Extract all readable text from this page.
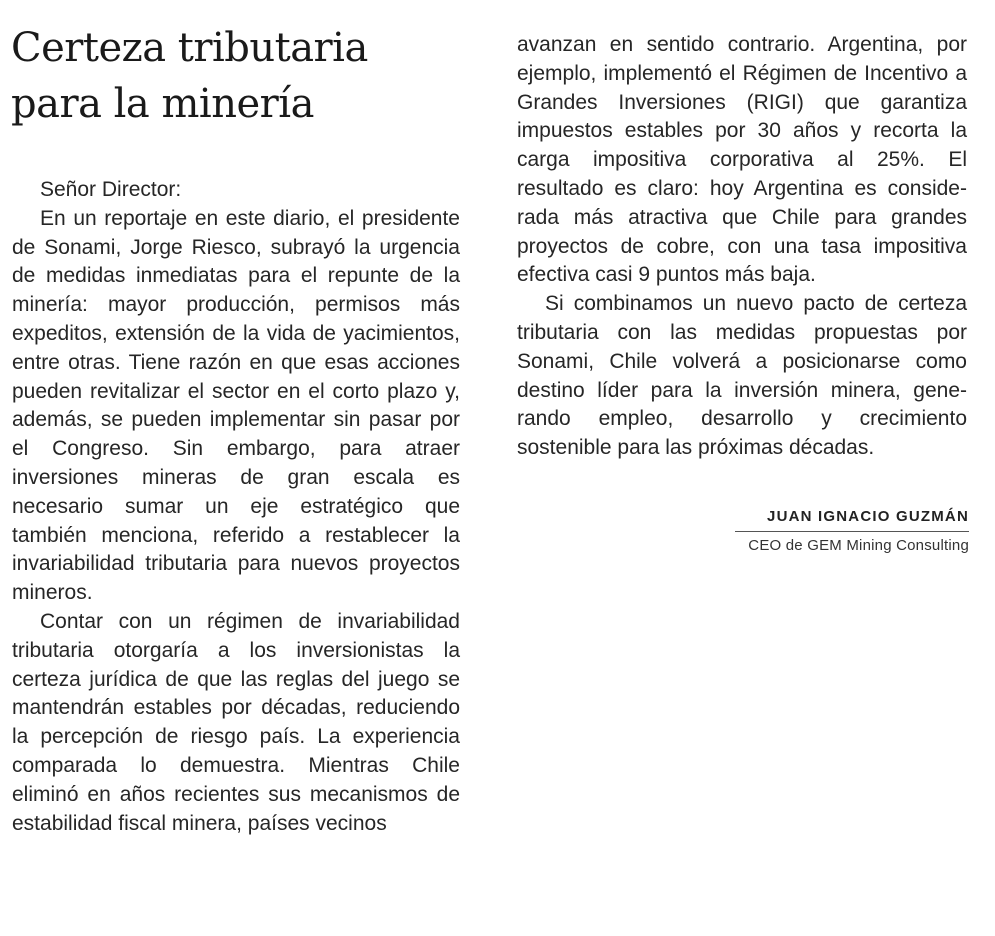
Certeza tributaria
para la minería

Señor Director:

En un reportaje en este diario, el presidente de Sonami, Jorge Riesco, subrayó la urgencia de medidas inmediatas para el repunte de la minería: mayor producción, permisos más expeditos, extensión de la vida de yacimientos, entre otras. Tiene razón en que esas acciones pueden revitalizar el sector en el corto plazo y, además, se pueden implementar sin pasar por el Congreso. Sin embargo, para atraer inversiones mineras de gran escala es necesario sumar un eje estratégico que también menciona, referido a restablecer la invariabilidad tributaria para nuevos proyectos mineros.

Contar con un régimen de invariabilidad tributaria otorgaría a los inversionistas la certeza jurídica de que las reglas del juego se mantendrán estables por décadas, reduciendo la percepción de riesgo país. La experiencia comparada lo demuestra. Mientras Chile eliminó en años recientes sus mecanismos de estabilidad fiscal minera, países vecinos

avanzan en sentido contrario. Argentina, por ejemplo, implementó el Régimen de Incentivo a Grandes Inversiones (RIGI) que garantiza impuestos estables por 30 años y recorta la carga impositiva corporativa al 25%. El resultado es claro: hoy Argentina es considerada más atractiva que Chile para grandes proyectos de cobre, con una tasa impositiva efectiva casi 9 puntos más baja.

Si combinamos un nuevo pacto de certeza tributaria con las medidas propuestas por Sonami, Chile volverá a posicionarse como destino líder para la inversión minera, generando empleo, desarrollo y crecimiento sostenible para las próximas décadas.

JUAN IGNACIO GUZMÁN
CEO de GEM Mining Consulting
